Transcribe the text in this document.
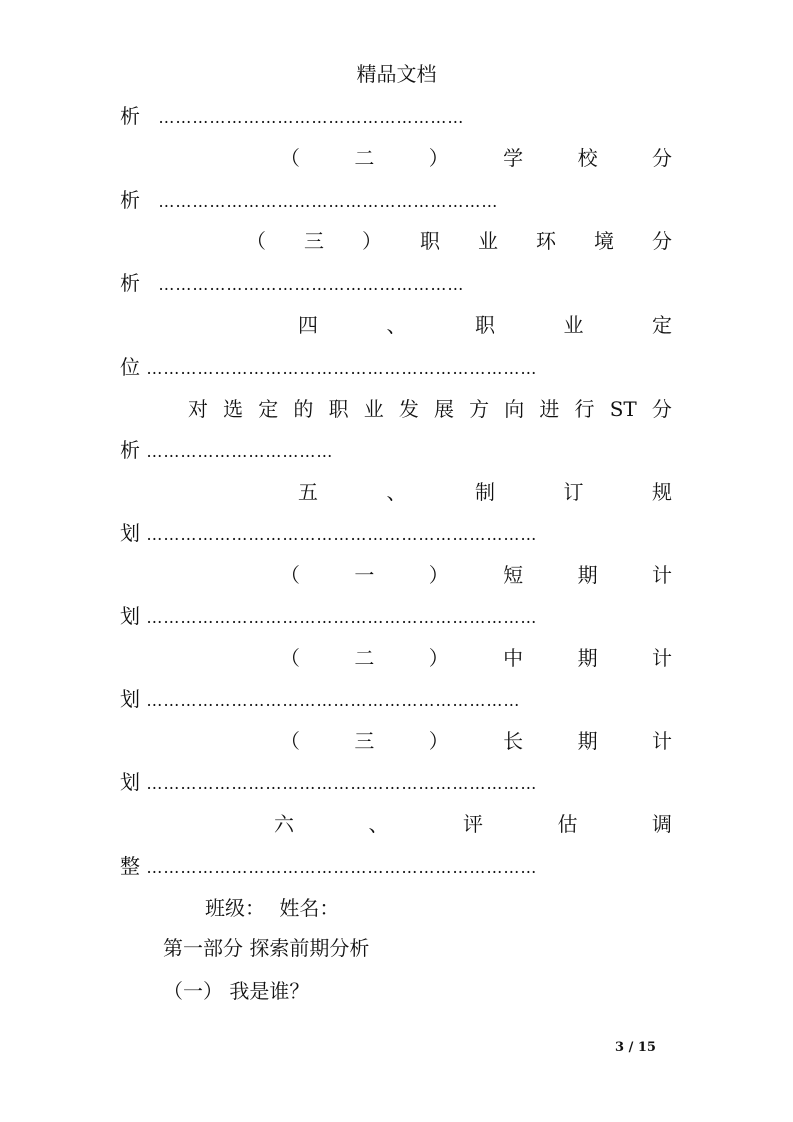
精品文档
析 ………………………………………………
（	二	）	学	校	分
析 ……………………………………………………
（ 三 ） 职 业 环 境 分
析 ………………………………………………
四	、	职	业	定
位 ……………………………………………………………
对 选 定 的 职 业 发 展 方 向 进 行 ST 分
析 ……………………………
五	、	制	订	规
划 ……………………………………………………………
（	一	）	短	期	计
划 ……………………………………………………………
（	二	）	中	期	计
划 …………………………………………………………
（	三	）	长	期	计
划 ……………………………………………………………
六	、	评	估	调
整 ……………………………………………………………
班级： 姓名：
第一部分 探索前期分析
（一） 我是谁？
3 / 15
